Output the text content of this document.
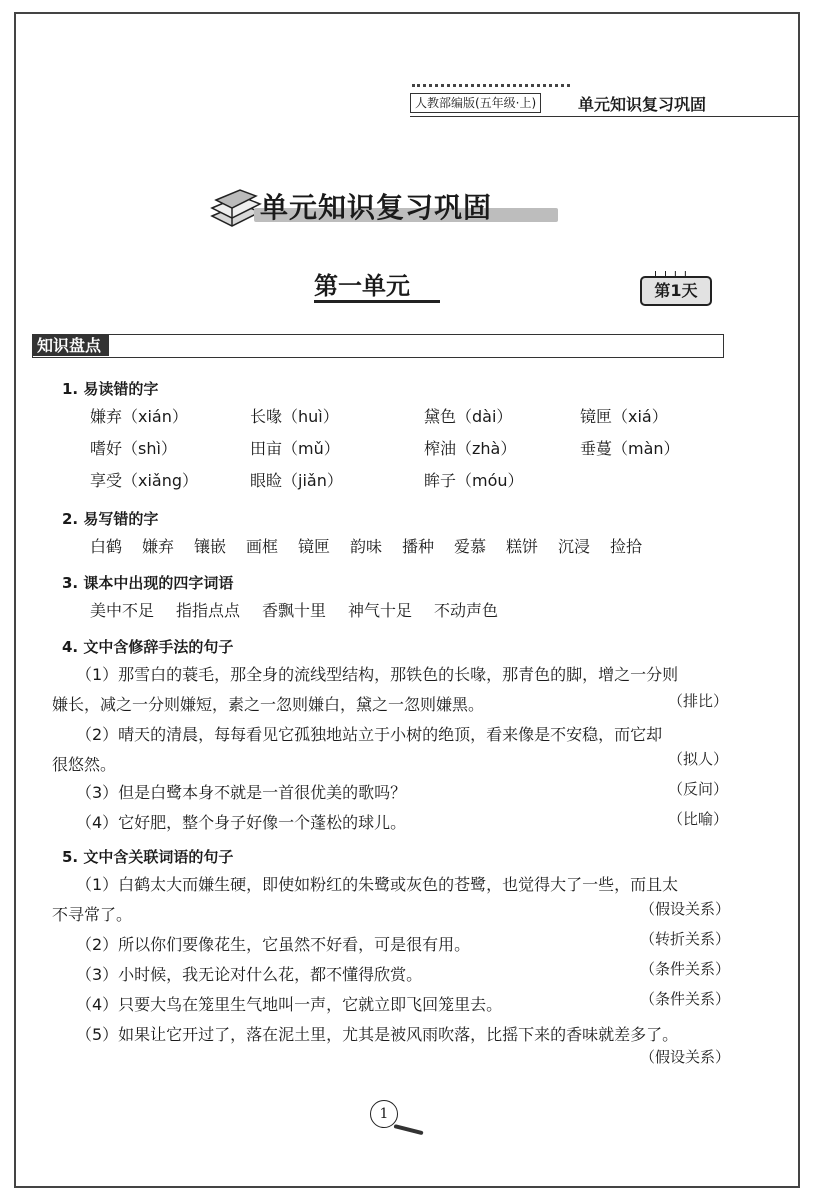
人教部编版(五年级·上)	单元知识复习巩固
单元知识复习巩固
第一单元	第1天
知识盘点
1. 易读错的字
嫌弃（xián）	长喙（huì）	黛色（dài）	镜匣（xiá）
嗜好（shì）	田亩（mǔ）	榨油（zhà）	垂蔓（màn）
享受（xiǎng）	眼睑（jiǎn）	眸子（móu）
2. 易写错的字
白鹤 嫌弃 镶嵌 画框 镜匣 韵味 播种 爱慕 糕饼 沉浸 捡拾
3. 课本中出现的四字词语
美中不足 指指点点 香飘十里 神气十足 不动声色
4. 文中含修辞手法的句子
（1）那雪白的蓑毛，那全身的流线型结构，那铁色的长喙，那青色的脚，增之一分则
嫌长，减之一分则嫌短，素之一忽则嫌白，黛之一忽则嫌黑。	（排比）
（2）晴天的清晨，每每看见它孤独地站立于小树的绝顶，看来像是不安稳，而它却
很悠然。	（拟人）
（3）但是白鹭本身不就是一首很优美的歌吗？	（反问）
（4）它好肥，整个身子好像一个蓬松的球儿。	（比喻）
5. 文中含关联词语的句子
（1）白鹤太大而嫌生硬，即使如粉红的朱鹭或灰色的苍鹭，也觉得大了一些，而且太
不寻常了。	（假设关系）
（2）所以你们要像花生，它虽然不好看，可是很有用。	（转折关系）
（3）小时候，我无论对什么花，都不懂得欣赏。	（条件关系）
（4）只要大鸟在笼里生气地叫一声，它就立即飞回笼里去。	（条件关系）
（5）如果让它开过了，落在泥土里，尤其是被风雨吹落，比摇下来的香味就差多了。
（假设关系）
1
